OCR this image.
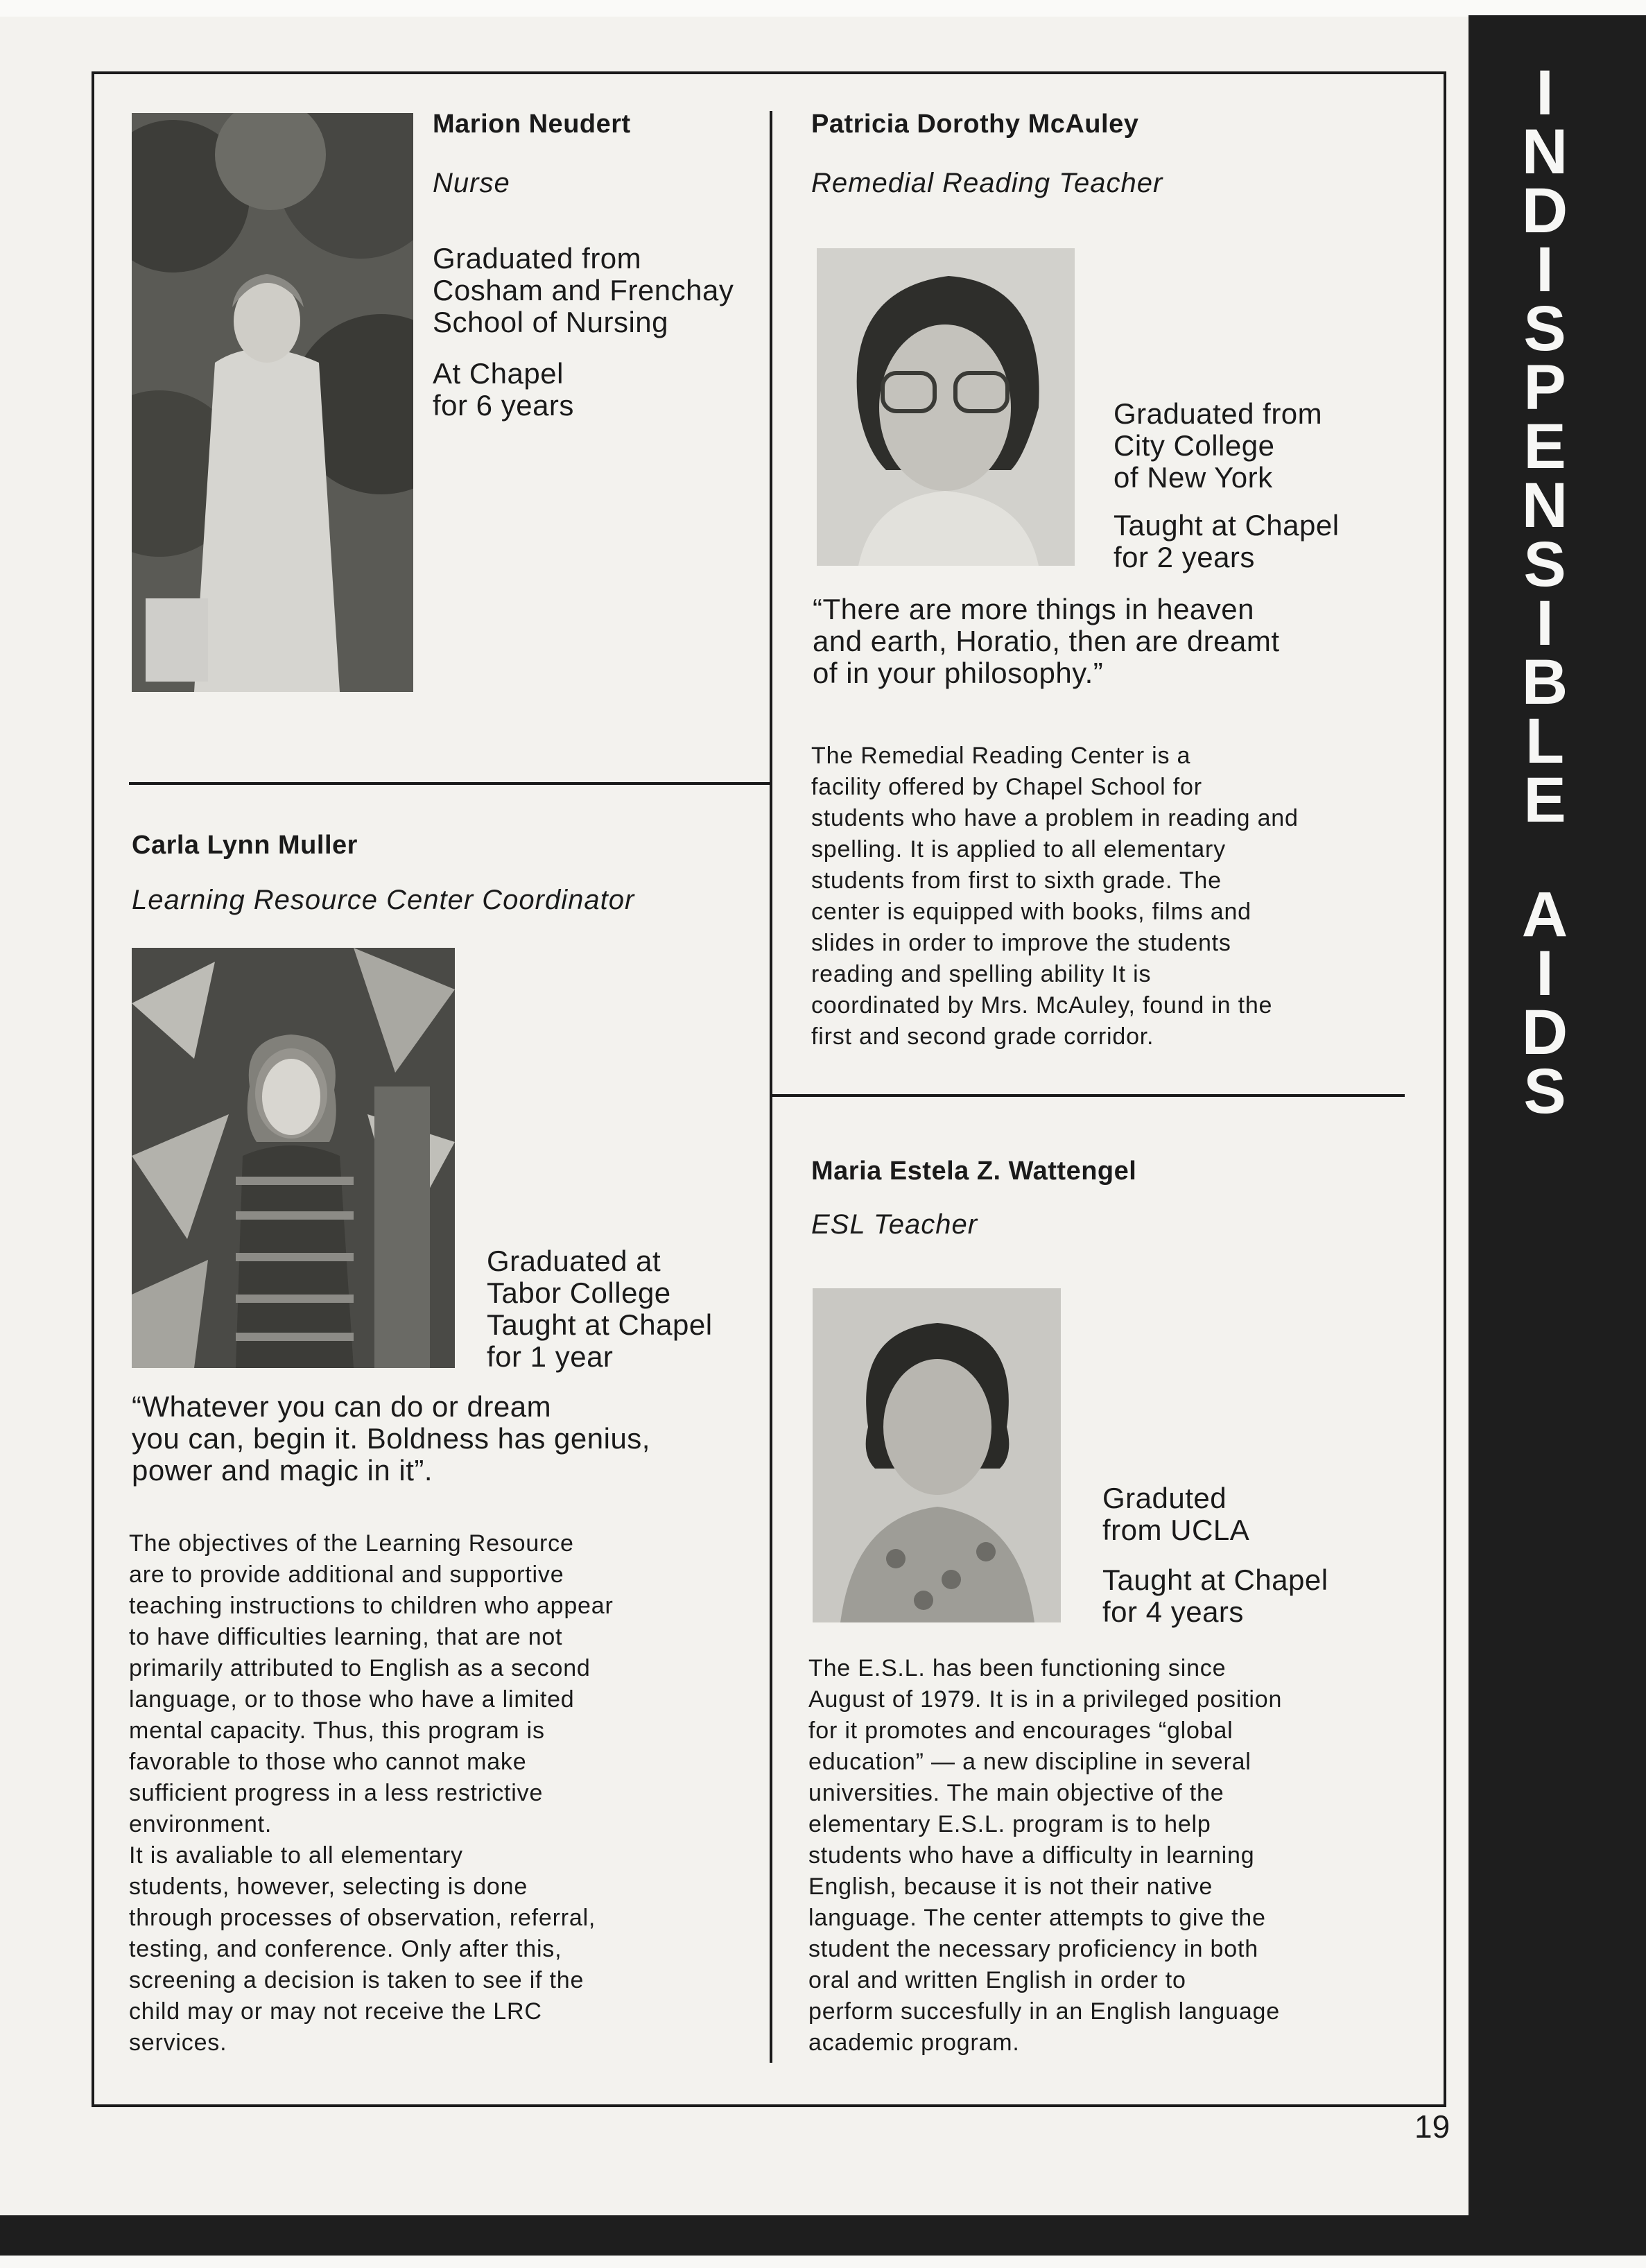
I
N
D
I
S
P
E
N
S
I
B
L
E
A
I
D
S
Marion Neudert
Nurse
Graduated from
Cosham and Frenchay
School of Nursing
At Chapel
for 6 years
Patricia Dorothy McAuley
Remedial Reading Teacher
Graduated from
City College
of New York
Taught at Chapel
for 2 years
“There are more things in heaven
and earth, Horatio, then are dreamt
of in your philosophy.”
The Remedial Reading Center is a
facility offered by Chapel School for
students who have a problem in reading and
spelling. It is applied to all elementary
students from first to sixth grade. The
center is equipped with books, films and
slides in order to improve the students
reading and spelling ability It is
coordinated by Mrs. McAuley, found in the
first and second grade corridor.
Carla Lynn Muller
Learning Resource Center Coordinator
Graduated at
Tabor College
Taught at Chapel
for 1 year
“Whatever you can do or dream
you can, begin it. Boldness has genius,
power and magic in it”.
The objectives of the Learning Resource
are to provide additional and supportive
teaching instructions to children who appear
to have difficulties learning, that are not
primarily attributed to English as a second
language, or to those who have a limited
mental capacity. Thus, this program is
favorable to those who cannot make
sufficient progress in a less restrictive
environment.
It is avaliable to all elementary
students, however, selecting is done
through processes of observation, referral,
testing, and conference. Only after this,
screening a decision is taken to see if the
child may or may not receive the LRC
services.
Maria Estela Z. Wattengel
ESL Teacher
Graduted
from UCLA
Taught at Chapel
for 4 years
The E.S.L. has been functioning since
August of 1979. It is in a privileged position
for it promotes and encourages “global
education” — a new discipline in several
universities. The main objective of the
elementary E.S.L. program is to help
students who have a difficulty in learning
English, because it is not their native
language. The center attempts to give the
student the necessary proficiency in both
oral and written English in order to
perform succesfully in an English language
academic program.
19
